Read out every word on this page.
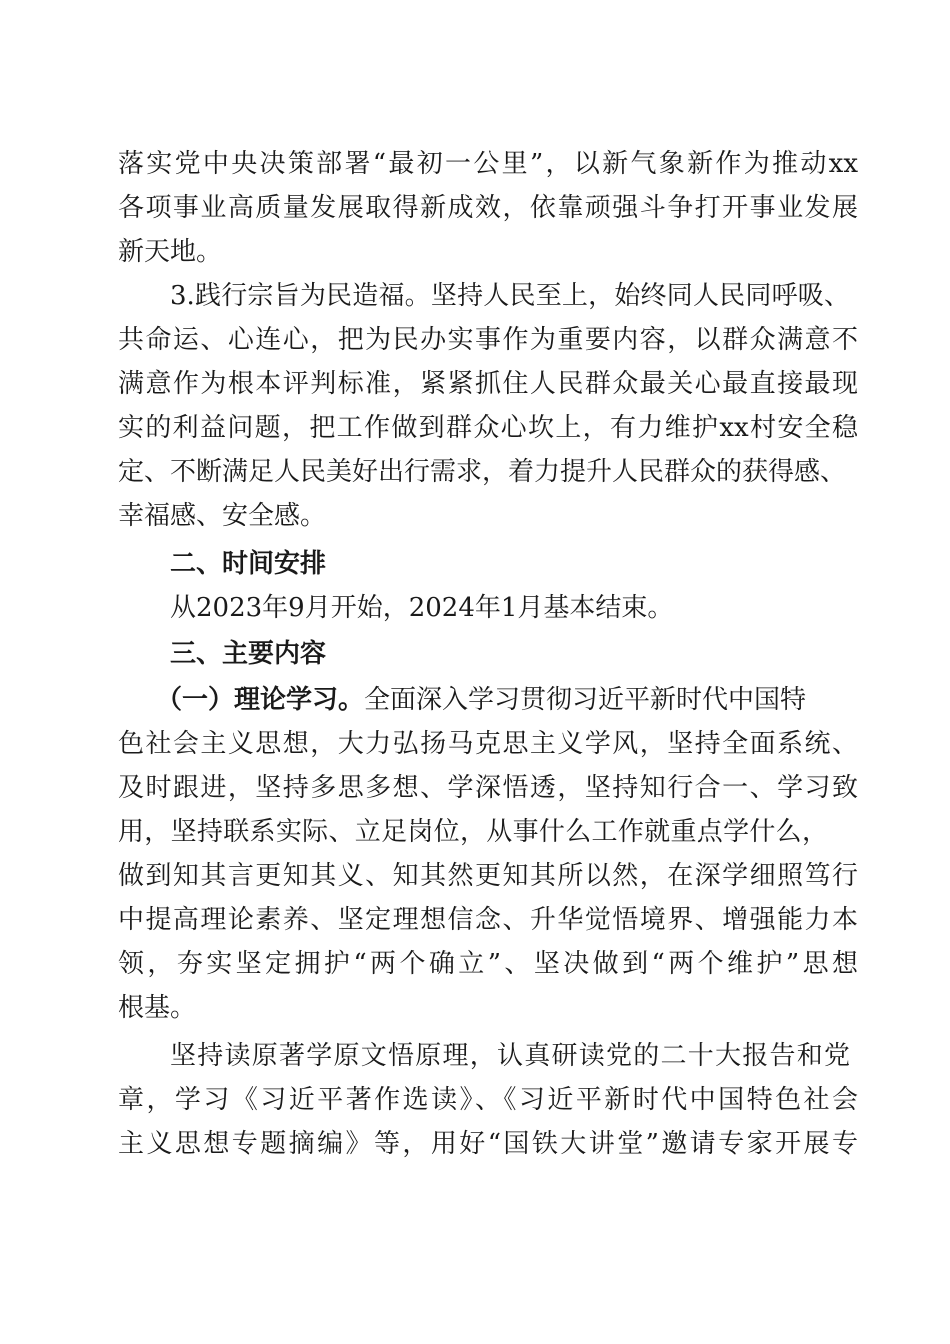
落实党中央决策部署“最初一公里”，以新气象新作为推动xx
各项事业高质量发展取得新成效，依靠顽强斗争打开事业发展
新天地。
3.践行宗旨为民造福。坚持人民至上，始终同人民同呼吸、
共命运、心连心，把为民办实事作为重要内容，以群众满意不
满意作为根本评判标准，紧紧抓住人民群众最关心最直接最现
实的利益问题，把工作做到群众心坎上，有力维护xx村安全稳
定、不断满足人民美好出行需求，着力提升人民群众的获得感、
幸福感、安全感。
二、时间安排
从2023年9月开始，2024年1月基本结束。
三、主要内容
（一）理论学习。全面深入学习贯彻习近平新时代中国特
色社会主义思想，大力弘扬马克思主义学风，坚持全面系统、
及时跟进，坚持多思多想、学深悟透，坚持知行合一、学习致
用，坚持联系实际、立足岗位，从事什么工作就重点学什么，
做到知其言更知其义、知其然更知其所以然，在深学细照笃行
中提高理论素养、坚定理想信念、升华觉悟境界、增强能力本
领，夯实坚定拥护“两个确立”、坚决做到“两个维护”思想
根基。
坚持读原著学原文悟原理，认真研读党的二十大报告和党
章，学习《习近平著作选读》、《习近平新时代中国特色社会
主义思想专题摘编》等，用好“国铁大讲堂”邀请专家开展专
